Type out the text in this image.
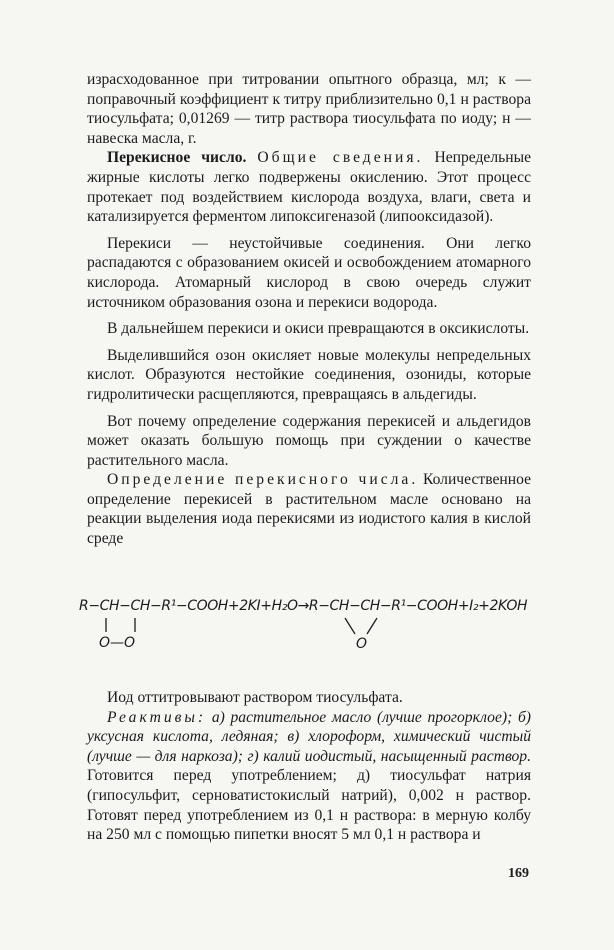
израсходованное при титровании опытного образца, мл; к — поправочный коэффициент к титру приблизительно 0,1 н раствора тиосульфата; 0,01269 — титр раствора тиосульфата по иоду; н — навеска масла, г.

Перекисное число. Общие сведения. Непредельные жирные кислоты легко подвержены окислению. Этот процесс протекает под воздействием кислорода воздуха, влаги, света и катализируется ферментом липоксигеназой (липооксидазой).

Перекиси — неустойчивые соединения. Они легко распадаются с образованием окисей и освобождением атомарного кислорода. Атомарный кислород в свою очередь служит источником образования озона и перекиси водорода.

В дальнейшем перекиси и окиси превращаются в оксикислоты.

Выделившийся озон окисляет новые молекулы непредельных кислот. Образуются нестойкие соединения, озониды, которые гидролитически расщепляются, превращаясь в альдегиды.

Вот почему определение содержания перекисей и альдегидов может оказать большую помощь при суждении о качестве растительного масла.

Определение перекисного числа. Количественное определение перекисей в растительном масле основано на реакции выделения иода перекисями из иодистого калия в кислой среде

R−CH−CH−R¹−COOH+2KI+H₂O→R−CH−CH−R¹−COOH+I₂+2KOH
O—O	O

Иод оттитровывают раствором тиосульфата.

Реактивы: а) растительное масло (лучше прогорклое); б) уксусная кислота, ледяная; в) хлороформ, химический чистый (лучше — для наркоза); г) калий иодистый, насыщенный раствор. Готовится перед употреблением; д) тиосульфат натрия (гипосульфит, серноватистокислый натрий), 0,002 н раствор. Готовят перед употреблением из 0,1 н раствора: в мерную колбу на 250 мл с помощью пипетки вносят 5 мл 0,1 н раствора и

169
